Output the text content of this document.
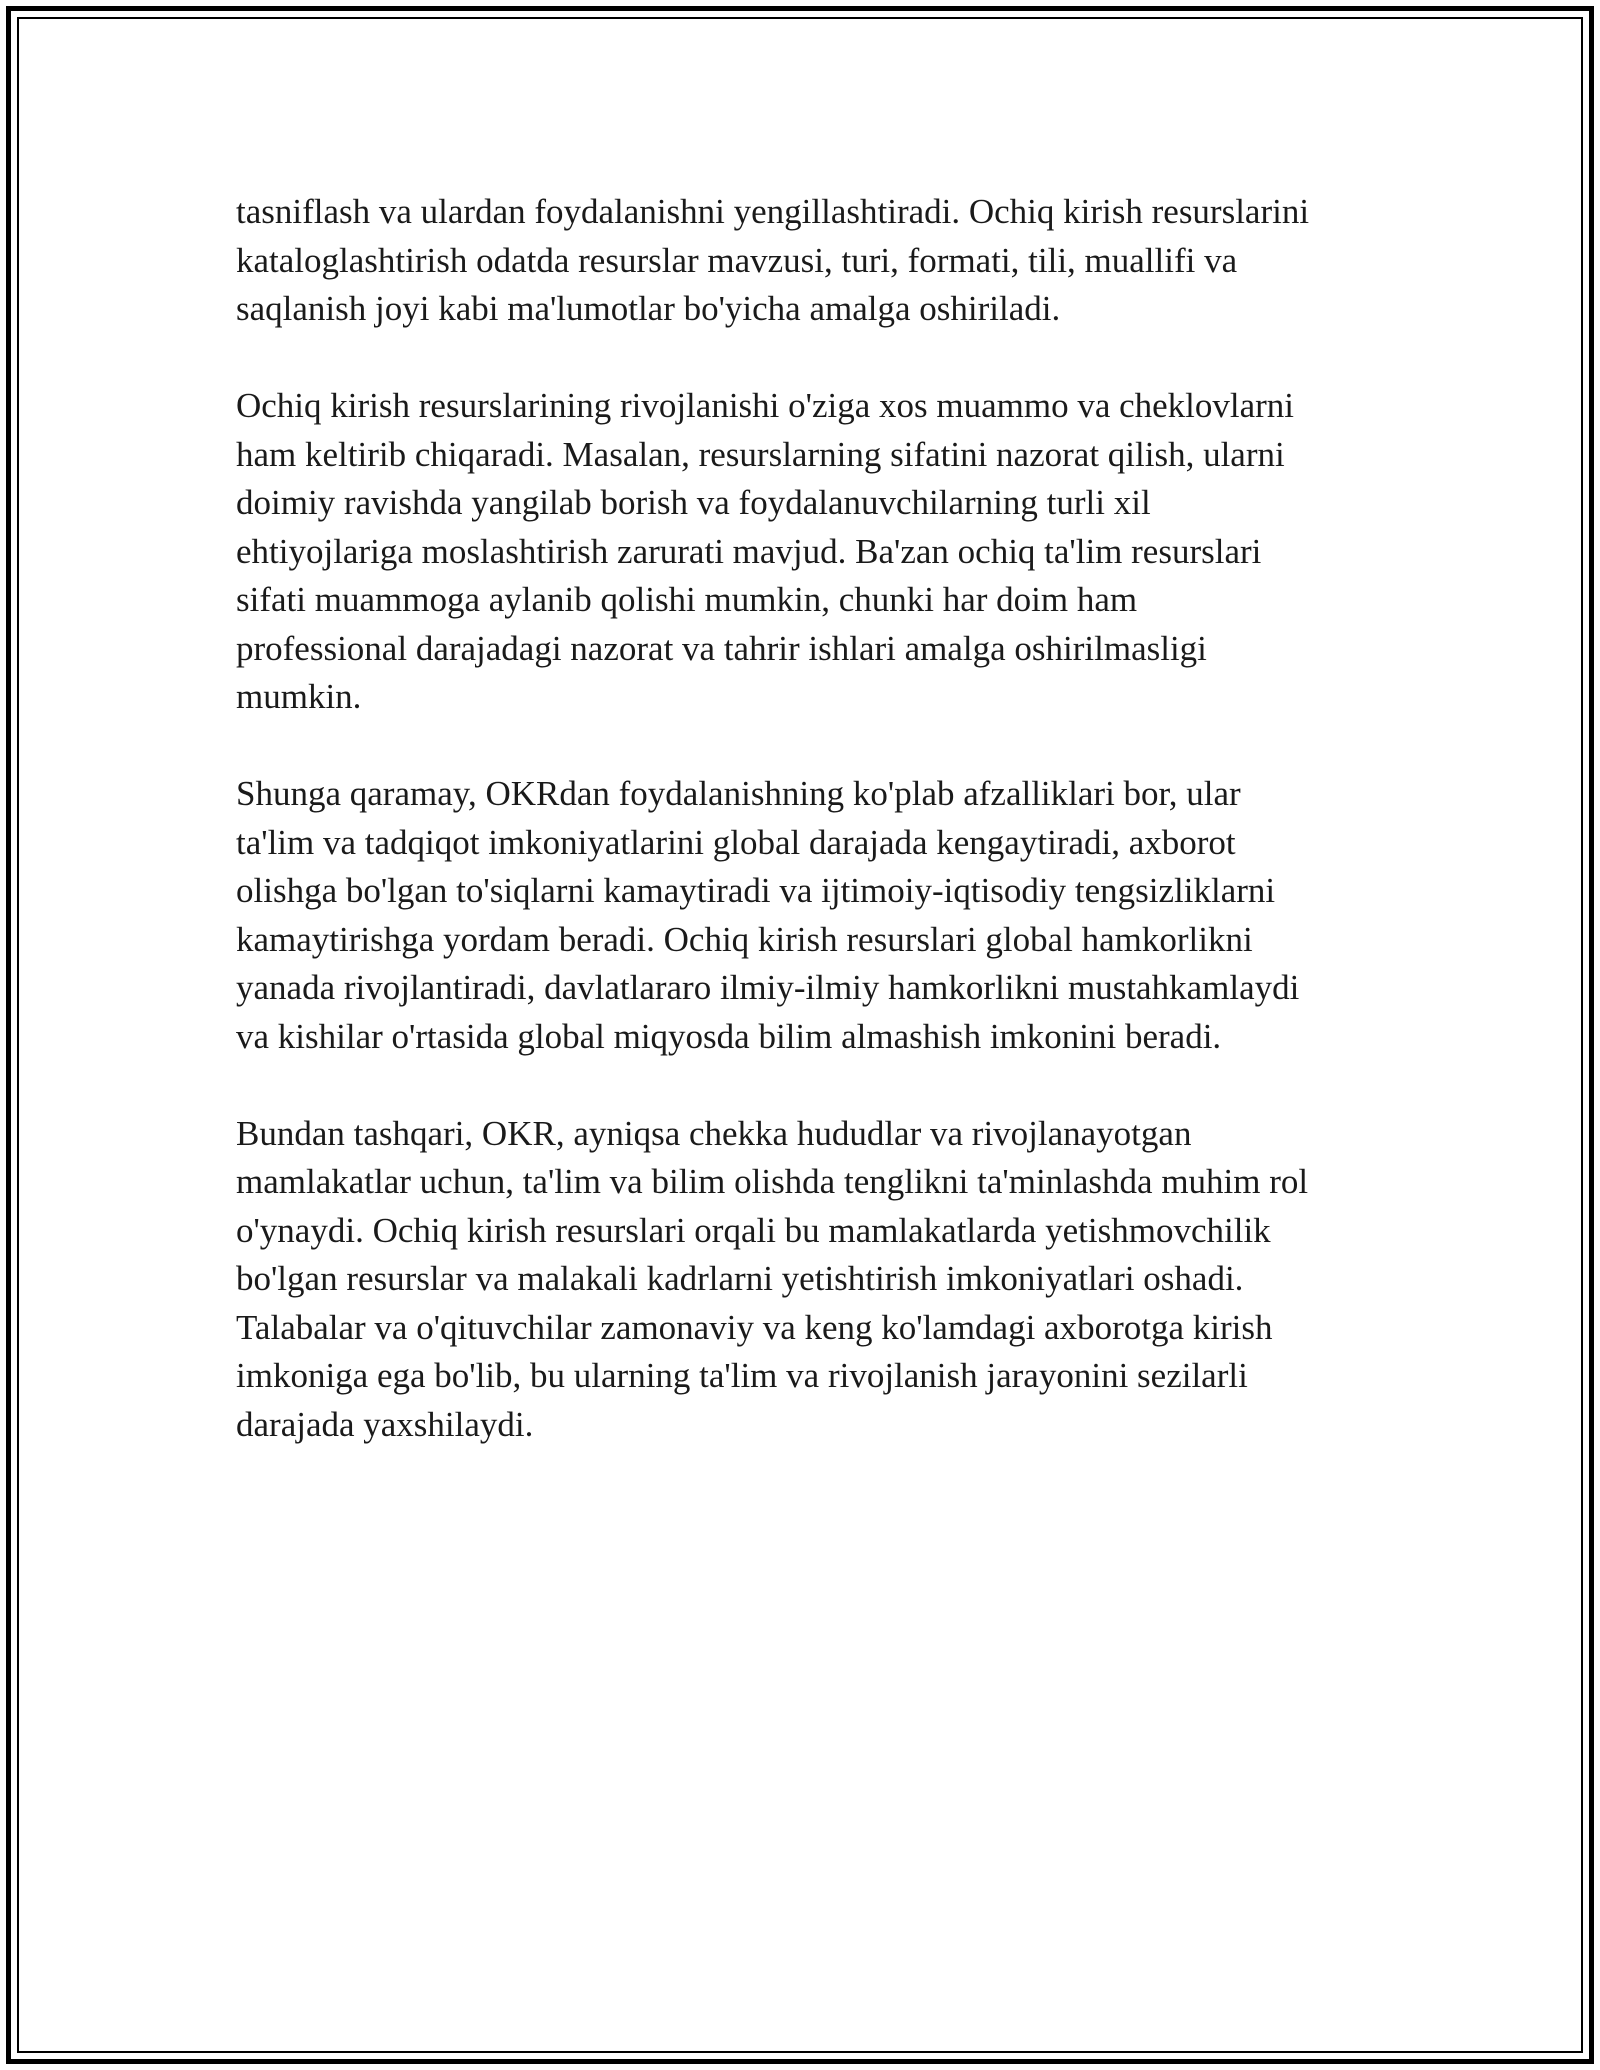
tasniflash va ulardan foydalanishni yengillashtiradi. Ochiq kirish resurslarini
kataloglashtirish odatda resurslar mavzusi, turi, formati, tili, muallifi va
saqlanish joyi kabi ma'lumotlar bo'yicha amalga oshiriladi.

Ochiq kirish resurslarining rivojlanishi o'ziga xos muammo va cheklovlarni
ham keltirib chiqaradi. Masalan, resurslarning sifatini nazorat qilish, ularni
doimiy ravishda yangilab borish va foydalanuvchilarning turli xil
ehtiyojlariga moslashtirish zarurati mavjud. Ba'zan ochiq ta'lim resurslari
sifati muammoga aylanib qolishi mumkin, chunki har doim ham
professional darajadagi nazorat va tahrir ishlari amalga oshirilmasligi
mumkin.

Shunga qaramay, OKRdan foydalanishning ko'plab afzalliklari bor, ular
ta'lim va tadqiqot imkoniyatlarini global darajada kengaytiradi, axborot
olishga bo'lgan to'siqlarni kamaytiradi va ijtimoiy-iqtisodiy tengsizliklarni
kamaytirishga yordam beradi. Ochiq kirish resurslari global hamkorlikni
yanada rivojlantiradi, davlatlararo ilmiy-ilmiy hamkorlikni mustahkamlaydi
va kishilar o'rtasida global miqyosda bilim almashish imkonini beradi.

Bundan tashqari, OKR, ayniqsa chekka hududlar va rivojlanayotgan
mamlakatlar uchun, ta'lim va bilim olishda tenglikni ta'minlashda muhim rol
o'ynaydi. Ochiq kirish resurslari orqali bu mamlakatlarda yetishmovchilik
bo'lgan resurslar va malakali kadrlarni yetishtirish imkoniyatlari oshadi.
Talabalar va o'qituvchilar zamonaviy va keng ko'lamdagi axborotga kirish
imkoniga ega bo'lib, bu ularning ta'lim va rivojlanish jarayonini sezilarli
darajada yaxshilaydi.
